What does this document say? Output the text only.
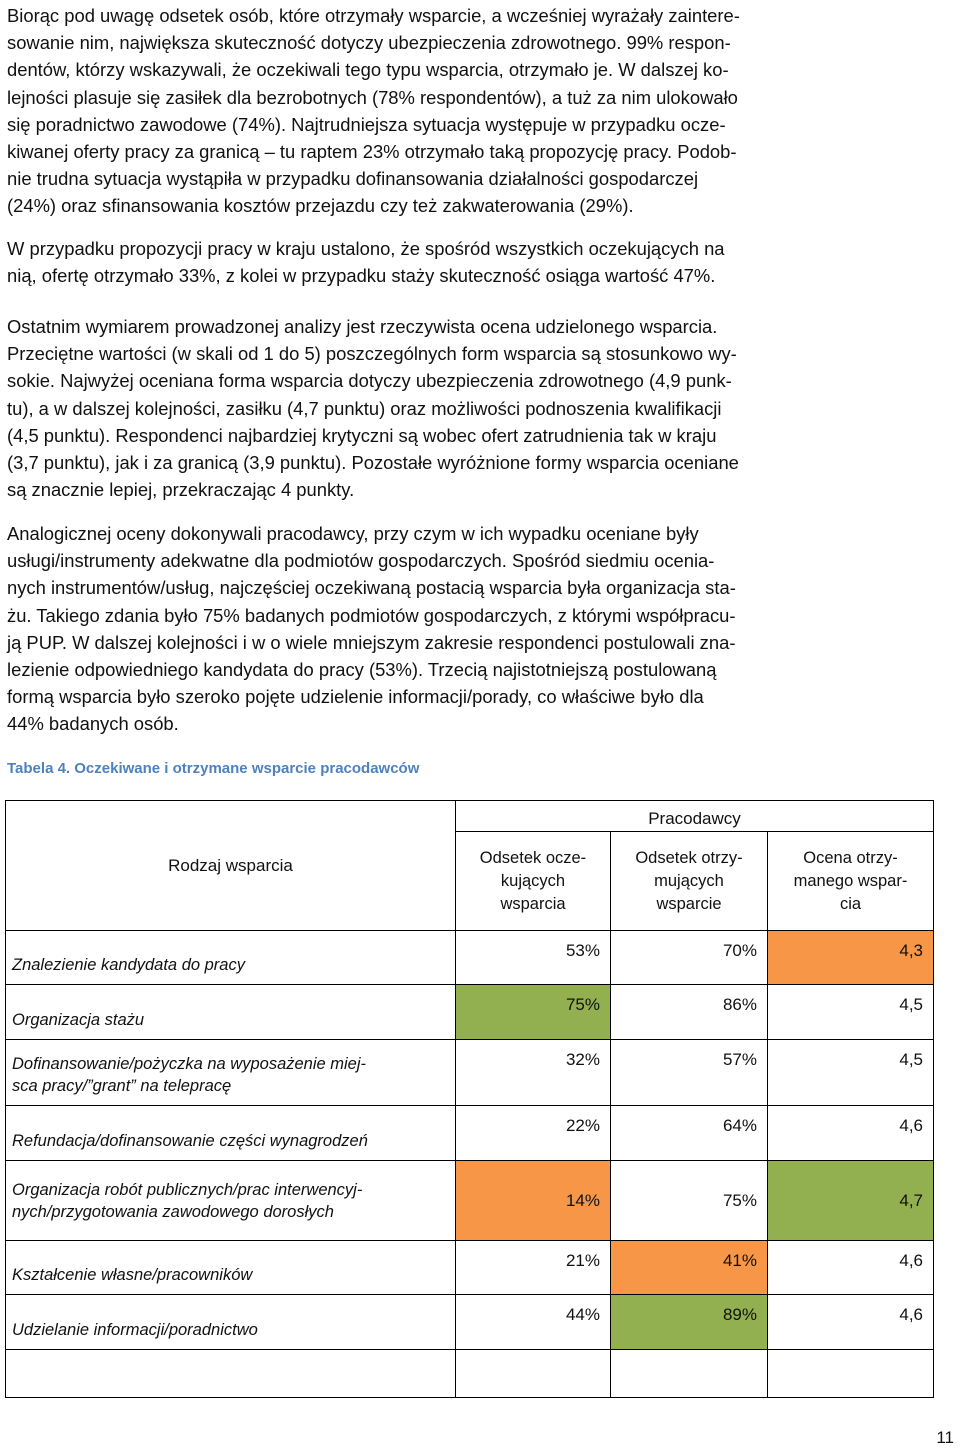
Biorąc pod uwagę odsetek osób, które otrzymały wsparcie, a wcześniej wyrażały zaintere-
sowanie nim, największa skuteczność dotyczy ubezpieczenia zdrowotnego. 99% respon-
dentów, którzy wskazywali, że oczekiwali tego typu wsparcia, otrzymało je. W dalszej ko-
lejności plasuje się zasiłek dla bezrobotnych (78% respondentów), a tuż za nim ulokowało
się poradnictwo zawodowe (74%). Najtrudniejsza sytuacja występuje w przypadku ocze-
kiwanej oferty pracy za granicą – tu raptem 23% otrzymało taką propozycję pracy. Podob-
nie trudna sytuacja wystąpiła w przypadku dofinansowania działalności gospodarczej
(24%) oraz sfinansowania kosztów przejazdu czy też zakwaterowania (29%).

W przypadku propozycji pracy w kraju ustalono, że spośród wszystkich oczekujących na
nią, ofertę otrzymało 33%, z kolei w przypadku staży skuteczność osiąga wartość 47%.

Ostatnim wymiarem prowadzonej analizy jest rzeczywista ocena udzielonego wsparcia.
Przeciętne wartości (w skali od 1 do 5) poszczególnych form wsparcia są stosunkowo wy-
sokie. Najwyżej oceniana forma wsparcia dotyczy ubezpieczenia zdrowotnego (4,9 punk-
tu), a w dalszej kolejności, zasiłku (4,7 punktu) oraz możliwości podnoszenia kwalifikacji
(4,5 punktu). Respondenci najbardziej krytyczni są wobec ofert zatrudnienia tak w kraju
(3,7 punktu), jak i za granicą (3,9 punktu). Pozostałe wyróżnione formy wsparcia oceniane
są znacznie lepiej, przekraczając 4 punkty.

Analogicznej oceny dokonywali pracodawcy, przy czym w ich wypadku oceniane były
usługi/instrumenty adekwatne dla podmiotów gospodarczych. Spośród siedmiu ocenia-
nych instrumentów/usług, najczęściej oczekiwaną postacią wsparcia była organizacja sta-
żu. Takiego zdania było 75% badanych podmiotów gospodarczych, z którymi współpracu-
ją PUP. W dalszej kolejności i w o wiele mniejszym zakresie respondenci postulowali zna-
lezienie odpowiedniego kandydata do pracy (53%). Trzecią najistotniejszą postulowaną
formą wsparcia było szeroko pojęte udzielenie informacji/porady, co właściwe było dla
44% badanych osób.

Tabela 4. Oczekiwane i otrzymane wsparcie pracodawców

Rodzaj wsparcia	Pracodawcy		
	Odsetek ocze-
kujących
wsparcia	Odsetek otrzy-
mujących
wsparcie	Ocena otrzy-
manego wspar-
cia
Znalezienie kandydata do pracy	53%	70%	4,3
Organizacja stażu	75%	86%	4,5
Dofinansowanie/pożyczka na wyposażenie miej-
sca pracy/”grant” na telepracę	32%	57%	4,5
Refundacja/dofinansowanie części wynagrodzeń	22%	64%	4,6
Organizacja robót publicznych/prac interwencyj-
nych/przygotowania zawodowego dorosłych	14%	75%	4,7
Kształcenie własne/pracowników	21%	41%	4,6
Udzielanie informacji/poradnictwo	44%	89%	4,6

11
